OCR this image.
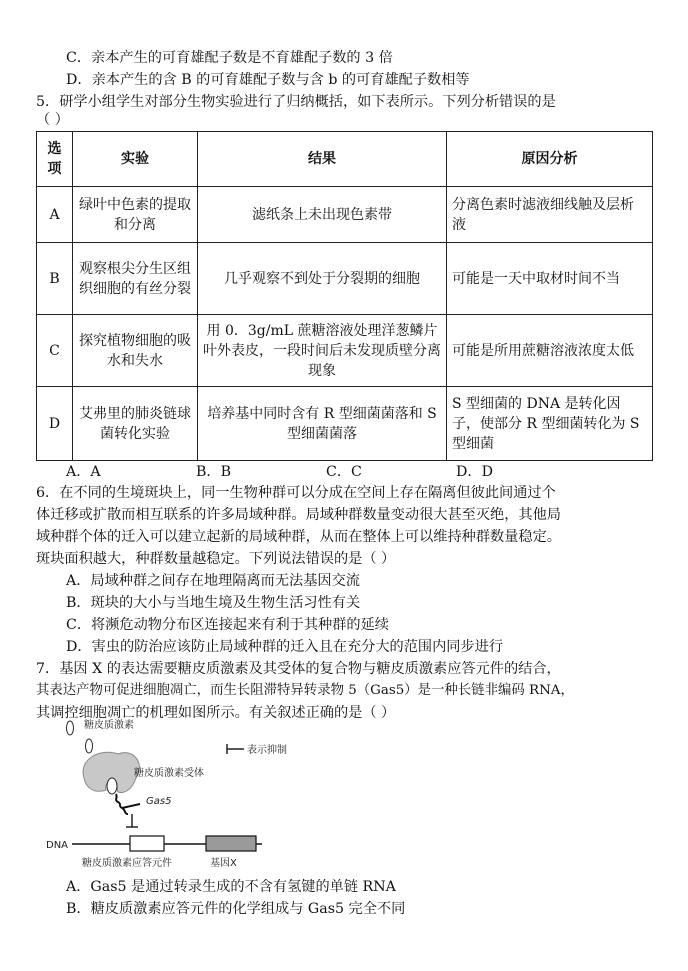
C．亲本产生的可育雄配子数是不育雄配子数的 3 倍
D．亲本产生的含 B 的可育雄配子数与含 b 的可育雄配子数相等
5．研学小组学生对部分生物实验进行了归纳概括，如下表所示。下列分析错误的是
（ ）
选项	实验	结果	原因分析
A	绿叶中色素的提取和分离	滤纸条上未出现色素带	分离色素时滤液细线触及层析液
B	观察根尖分生区组织细胞的有丝分裂	几乎观察不到处于分裂期的细胞	可能是一天中取材时间不当
C	探究植物细胞的吸水和失水	用 0．3g/mL 蔗糖溶液处理洋葱鳞片叶外表皮，一段时间后未发现质壁分离现象	可能是所用蔗糖溶液浓度太低
D	艾弗里的肺炎链球菌转化实验	培养基中同时含有 R 型细菌菌落和 S 型细菌菌落	S 型细菌的 DNA 是转化因子，使部分 R 型细菌转化为 S 型细菌
A．A	B．B	C．C	D．D
6．在不同的生境斑块上，同一生物种群可以分成在空间上存在隔离但彼此间通过个
体迁移或扩散而相互联系的许多局域种群。局域种群数量变动很大甚至灭绝，其他局
域种群个体的迁入可以建立起新的局域种群，从而在整体上可以维持种群数量稳定。
斑块面积越大，种群数量越稳定。下列说法错误的是（ ）
A．局域种群之间存在地理隔离而无法基因交流
B．斑块的大小与当地生境及生物生活习性有关
C．将濒危动物分布区连接起来有利于其种群的延续
D．害虫的防治应该防止局域种群的迁入且在充分大的范围内同步进行
7．基因 X 的表达需要糖皮质激素及其受体的复合物与糖皮质激素应答元件的结合，
其表达产物可促进细胞凋亡，而生长阻滞特异转录物 5（Gas5）是一种长链非编码 RNA，
其调控细胞凋亡的机理如图所示。有关叙述正确的是（ ）
糖皮质激素
表示抑制
糖皮质激素受体
Gas5
DNA
糖皮质激素应答元件	基因X
A．Gas5 是通过转录生成的不含有氢键的单链 RNA
B．糖皮质激素应答元件的化学组成与 Gas5 完全不同
